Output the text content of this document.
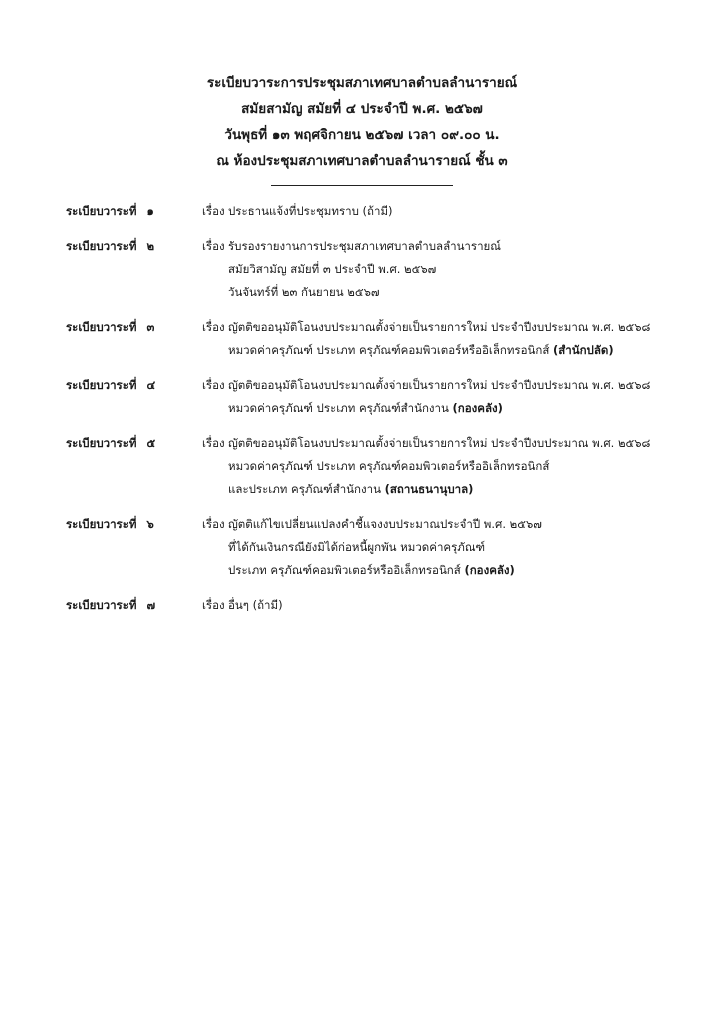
ระเบียบวาระการประชุมสภาเทศบาลตำบลลำนารายณ์
สมัยสามัญ สมัยที่ ๔ ประจำปี พ.ศ. ๒๕๖๗
วันพุธที่ ๑๓ พฤศจิกายน ๒๕๖๗ เวลา ๐๙.๐๐ น.
ณ ห้องประชุมสภาเทศบาลตำบลลำนารายณ์ ชั้น ๓
ระเบียบวาระที่ ๑	เรื่อง ประธานแจ้งที่ประชุมทราบ (ถ้ามี)
ระเบียบวาระที่ ๒	เรื่อง รับรองรายงานการประชุมสภาเทศบาลตำบลลำนารายณ์
สมัยวิสามัญ สมัยที่ ๓ ประจำปี พ.ศ. ๒๕๖๗
วันจันทร์ที่ ๒๓ กันยายน ๒๕๖๗
ระเบียบวาระที่ ๓	เรื่อง ญัตติขออนุมัติโอนงบประมาณตั้งจ่ายเป็นรายการใหม่ ประจำปีงบประมาณ พ.ศ. ๒๕๖๘
หมวดค่าครุภัณฑ์ ประเภท ครุภัณฑ์คอมพิวเตอร์หรืออิเล็กทรอนิกส์ (สำนักปลัด)
ระเบียบวาระที่ ๔	เรื่อง ญัตติขออนุมัติโอนงบประมาณตั้งจ่ายเป็นรายการใหม่ ประจำปีงบประมาณ พ.ศ. ๒๕๖๘
หมวดค่าครุภัณฑ์ ประเภท ครุภัณฑ์สำนักงาน (กองคลัง)
ระเบียบวาระที่ ๕	เรื่อง ญัตติขออนุมัติโอนงบประมาณตั้งจ่ายเป็นรายการใหม่ ประจำปีงบประมาณ พ.ศ. ๒๕๖๘
หมวดค่าครุภัณฑ์ ประเภท ครุภัณฑ์คอมพิวเตอร์หรืออิเล็กทรอนิกส์
และประเภท ครุภัณฑ์สำนักงาน (สถานธนานุบาล)
ระเบียบวาระที่ ๖	เรื่อง ญัตติแก้ไขเปลี่ยนแปลงคำชี้แจงงบประมาณประจำปี พ.ศ. ๒๕๖๗
ที่ได้กันเงินกรณียังมิได้ก่อหนี้ผูกพัน หมวดค่าครุภัณฑ์
ประเภท ครุภัณฑ์คอมพิวเตอร์หรืออิเล็กทรอนิกส์ (กองคลัง)
ระเบียบวาระที่ ๗	เรื่อง อื่นๆ (ถ้ามี)
